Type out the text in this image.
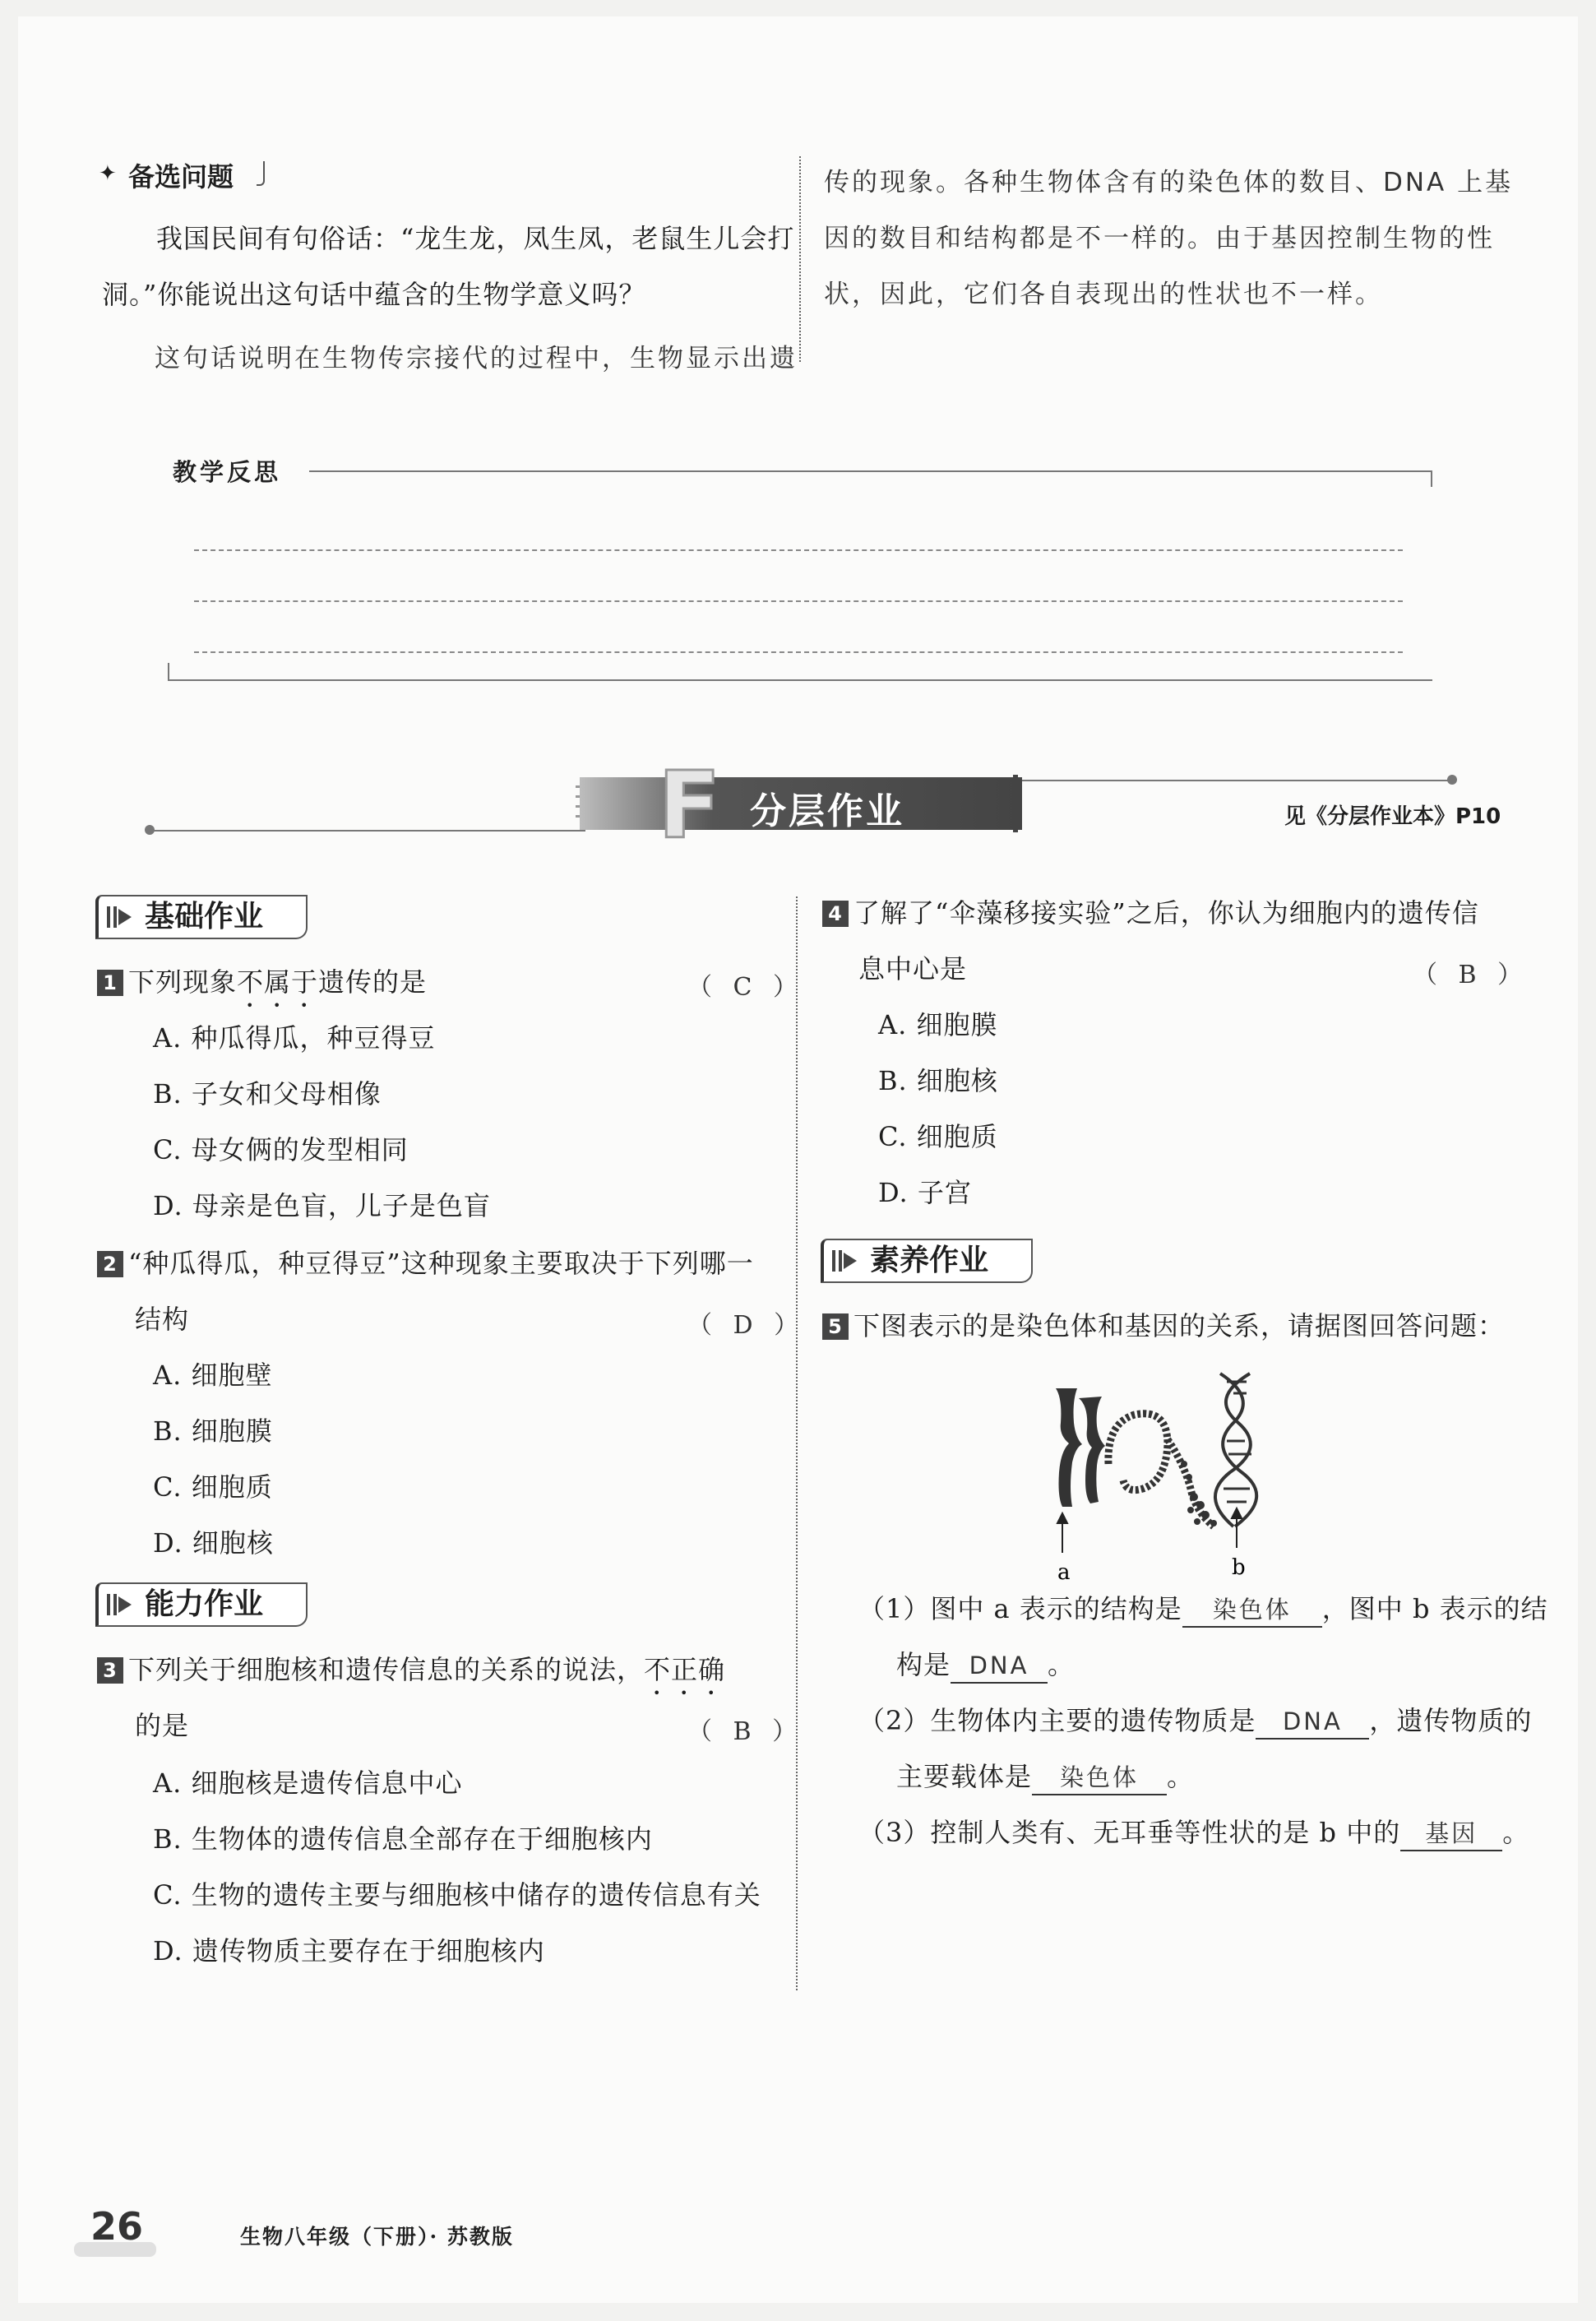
✦ 备选问题
我国民间有句俗话：“龙生龙，凤生凤，老鼠生儿会打
洞。”你能说出这句话中蕴含的生物学意义吗？
这句话说明在生物传宗接代的过程中，生物显示出遗
传的现象。各种生物体含有的染色体的数目、DNA 上基
因的数目和结构都是不一样的。由于基因控制生物的性
状，因此，它们各自表现出的性状也不一样。
教学反思
F 分层作业	见《分层作业本》P10
基础作业
1 下列现象不属于遗传的是	（ C ）
A. 种瓜得瓜，种豆得豆
B. 子女和父母相像
C. 母女俩的发型相同
D. 母亲是色盲，儿子是色盲
2 “种瓜得瓜，种豆得豆”这种现象主要取决于下列哪一
结构	（ D ）
A. 细胞壁
B. 细胞膜
C. 细胞质
D. 细胞核
能力作业
3 下列关于细胞核和遗传信息的关系的说法，不正确
的是	（ B ）
A. 细胞核是遗传信息中心
B. 生物体的遗传信息全部存在于细胞核内
C. 生物的遗传主要与细胞核中储存的遗传信息有关
D. 遗传物质主要存在于细胞核内
4 了解了“伞藻移接实验”之后，你认为细胞内的遗传信
息中心是	（ B ）
A. 细胞膜
B. 细胞核
C. 细胞质
D. 子宫
素养作业
5 下图表示的是染色体和基因的关系，请据图回答问题：
a	b
（1）图中 a 表示的结构是 染色体 ，图中 b 表示的结
构是 DNA 。
（2）生物体内主要的遗传物质是 DNA ，遗传物质的
主要载体是 染色体 。
（3）控制人类有、无耳垂等性状的是 b 中的 基因 。
26	生物八年级（下册）· 苏教版
